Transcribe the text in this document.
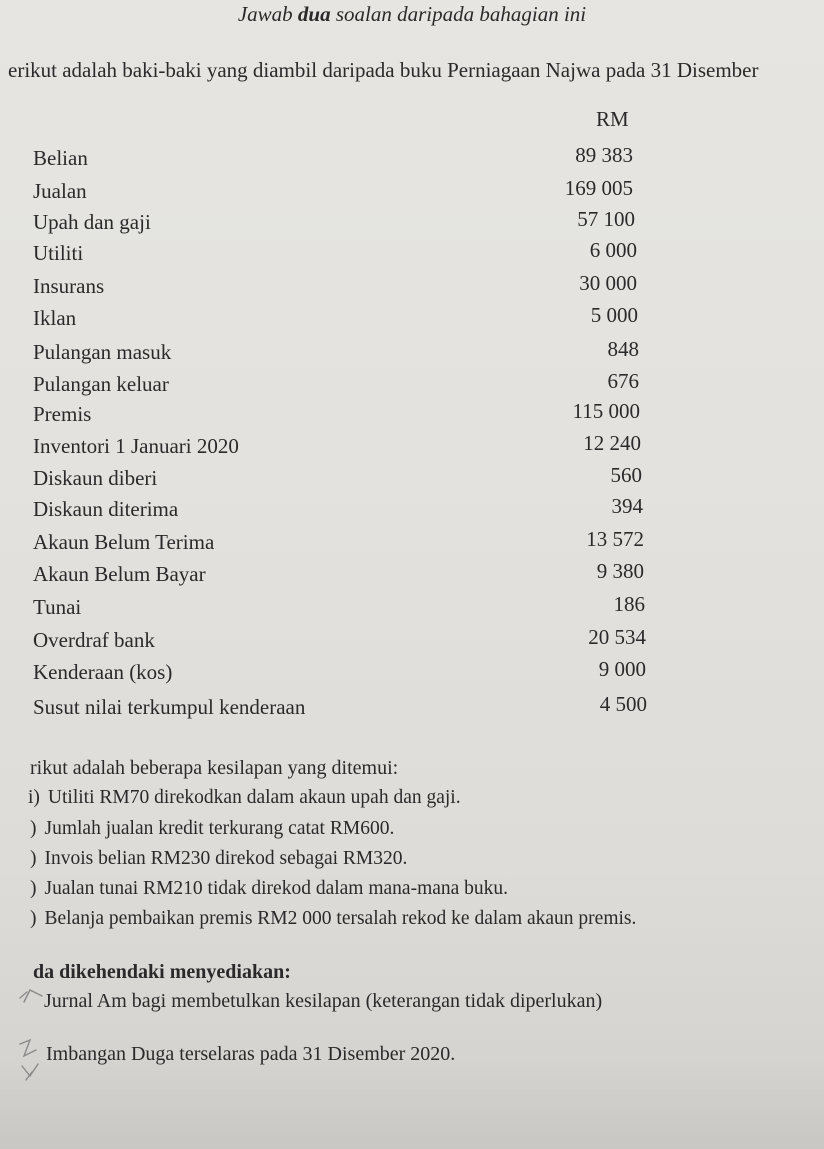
Jawab dua soalan daripada bahagian ini
erikut adalah baki-baki yang diambil daripada buku Perniagaan Najwa pada 31 Disember
RM
Belian	89 383
Jualan	169 005
Upah dan gaji	57 100
Utiliti	6 000
Insurans	30 000
Iklan	5 000
Pulangan masuk	848
Pulangan keluar	676
Premis	115 000
Inventori 1 Januari 2020	12 240
Diskaun diberi	560
Diskaun diterima	394
Akaun Belum Terima	13 572
Akaun Belum Bayar	9 380
Tunai	186
Overdraf bank	20 534
Kenderaan (kos)	9 000
Susut nilai terkumpul kenderaan	4 500
rikut adalah beberapa kesilapan yang ditemui:
i) Utiliti RM70 direkodkan dalam akaun upah dan gaji.
) Jumlah jualan kredit terkurang catat RM600.
) Invois belian RM230 direkod sebagai RM320.
) Jualan tunai RM210 tidak direkod dalam mana-mana buku.
) Belanja pembaikan premis RM2 000 tersalah rekod ke dalam akaun premis.
da dikehendaki menyediakan:
Jurnal Am bagi membetulkan kesilapan (keterangan tidak diperlukan)
Imbangan Duga terselaras pada 31 Disember 2020.
